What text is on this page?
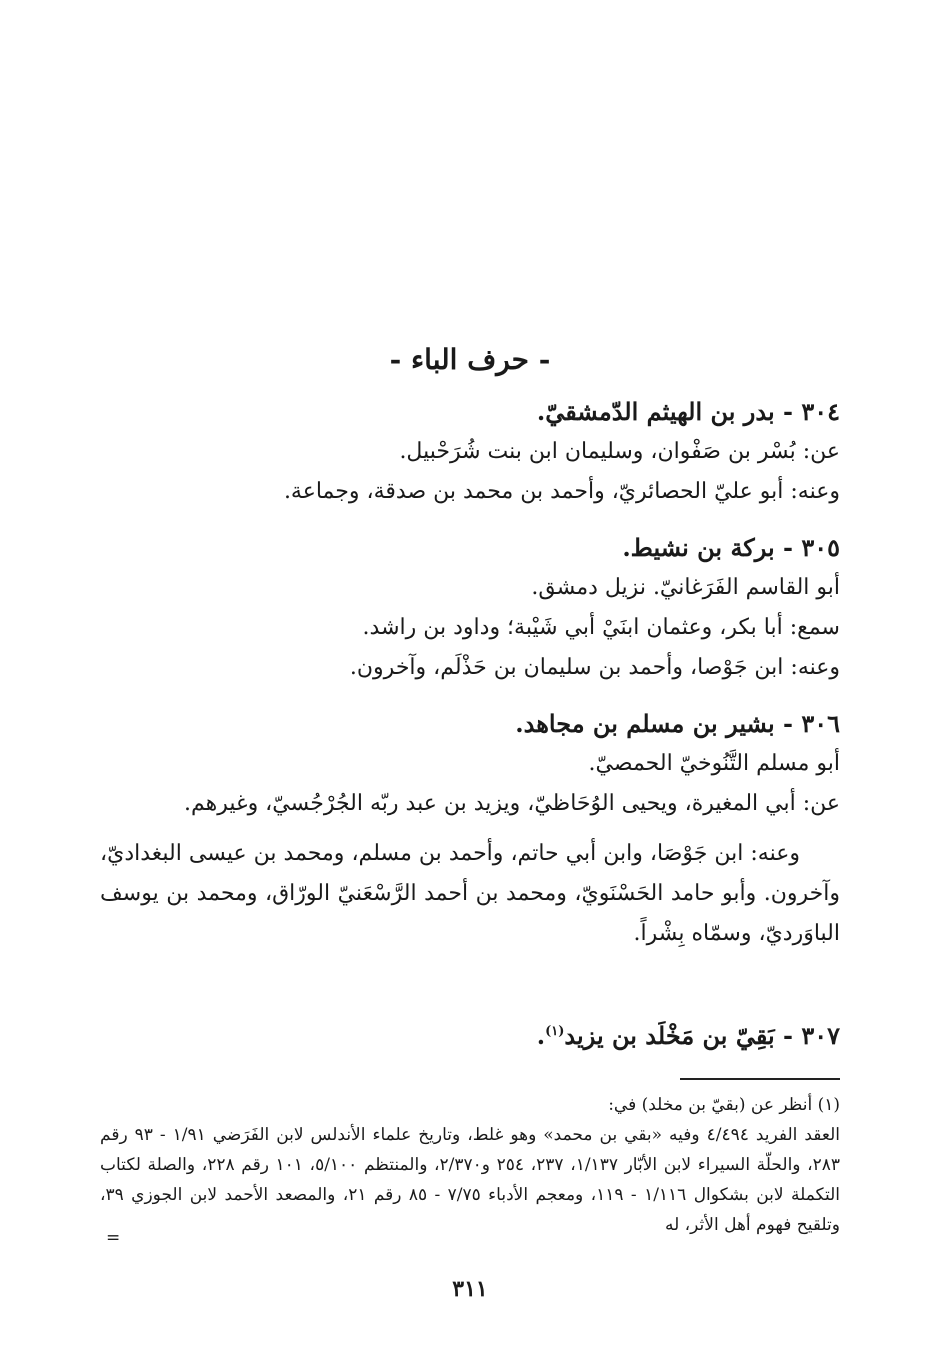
- حرف الباء -
٣٠٤ - بدر بن الهيثم الدّمشقيّ.
عن: بُسْر بن صَفْوان، وسليمان ابن بنت شُرَحْبيل.
وعنه: أبو عليّ الحصائريّ، وأحمد بن محمد بن صدقة، وجماعة.
٣٠٥ - بركة بن نشيط.
أبو القاسم الفَرَغانيّ. نزيل دمشق.
سمع: أبا بكر، وعثمان ابنَيْ أبي شَيْبة؛ وداود بن راشد.
وعنه: ابن جَوْصا، وأحمد بن سليمان بن حَذْلَم، وآخرون.
٣٠٦ - بشير بن مسلم بن مجاهد.
أبو مسلم التَّنُوخيّ الحمصيّ.
عن: أبي المغيرة، ويحيى الوُحَاظيّ، ويزيد بن عبد ربّه الجُرْجُسيّ، وغيرهم.
وعنه: ابن جَوْصَا، وابن أبي حاتم، وأحمد بن مسلم، ومحمد بن عيسى البغداديّ، وآخرون. وأبو حامد الحَسْنَويّ، ومحمد بن أحمد الرَّسْعَنيّ الورّاق، ومحمد بن يوسف الباوَرديّ، وسمّاه بِشْراً.
٣٠٧ - بَقِيّ بن مَخْلَد بن يزيد$^{(١)}$.
(١) أنظر عن (بقيّ بن مخلد) في:
العقد الفريد ٤/٤٩٤ وفيه «بقي بن محمد» وهو غلط، وتاريخ علماء الأندلس لابن الفَرَضي ١/٩١ - ٩٣ رقم ٢٨٣، والحلّة السيراء لابن الأبّار ١/١٣٧، ٢٣٧، ٢٥٤ و٢/٣٧٠، والمنتظم ٥/١٠٠، ١٠١ رقم ٢٢٨، والصلة لكتاب التكملة لابن بشكوال ١/١١٦ - ١١٩، ومعجم الأدباء ٧/٧٥ - ٨٥ رقم ٢١، والمصعد الأحمد لابن الجوزي ٣٩، وتلقيح فهوم أهل الأثر، له
=
٣١١
